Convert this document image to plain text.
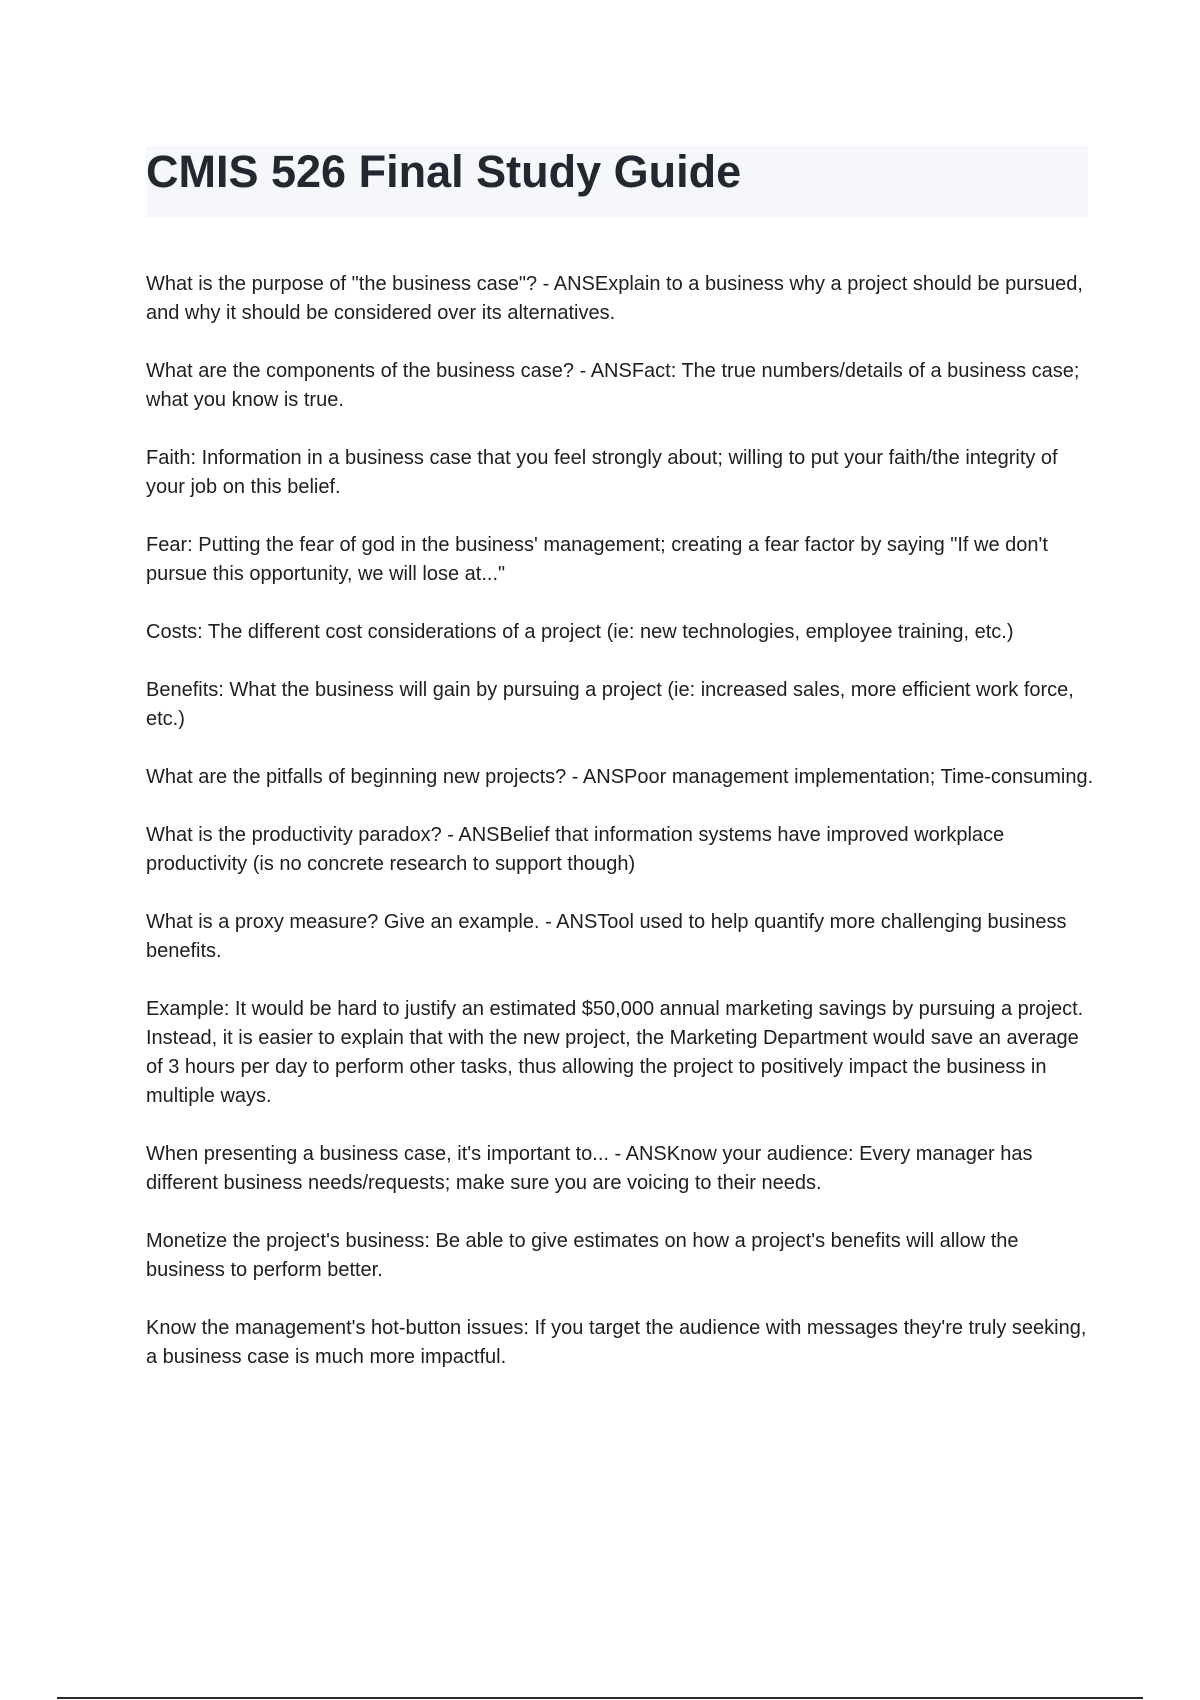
CMIS 526 Final Study Guide

What is the purpose of "the business case"? - ANSExplain to a business why a project should be pursued, and why it should be considered over its alternatives.

What are the components of the business case? - ANSFact: The true numbers/details of a business case; what you know is true.

Faith: Information in a business case that you feel strongly about; willing to put your faith/the integrity of your job on this belief.

Fear: Putting the fear of god in the business' management; creating a fear factor by saying "If we don't pursue this opportunity, we will lose at..."

Costs: The different cost considerations of a project (ie: new technologies, employee training, etc.)

Benefits: What the business will gain by pursuing a project (ie: increased sales, more efficient work force, etc.)

What are the pitfalls of beginning new projects? - ANSPoor management implementation; Time-consuming.

What is the productivity paradox? - ANSBelief that information systems have improved workplace productivity (is no concrete research to support though)

What is a proxy measure? Give an example. - ANSTool used to help quantify more challenging business benefits.

Example: It would be hard to justify an estimated $50,000 annual marketing savings by pursuing a project. Instead, it is easier to explain that with the new project, the Marketing Department would save an average of 3 hours per day to perform other tasks, thus allowing the project to positively impact the business in multiple ways.

When presenting a business case, it's important to... - ANSKnow your audience: Every manager has different business needs/requests; make sure you are voicing to their needs.

Monetize the project's business: Be able to give estimates on how a project's benefits will allow the business to perform better.

Know the management's hot-button issues: If you target the audience with messages they're truly seeking, a business case is much more impactful.
